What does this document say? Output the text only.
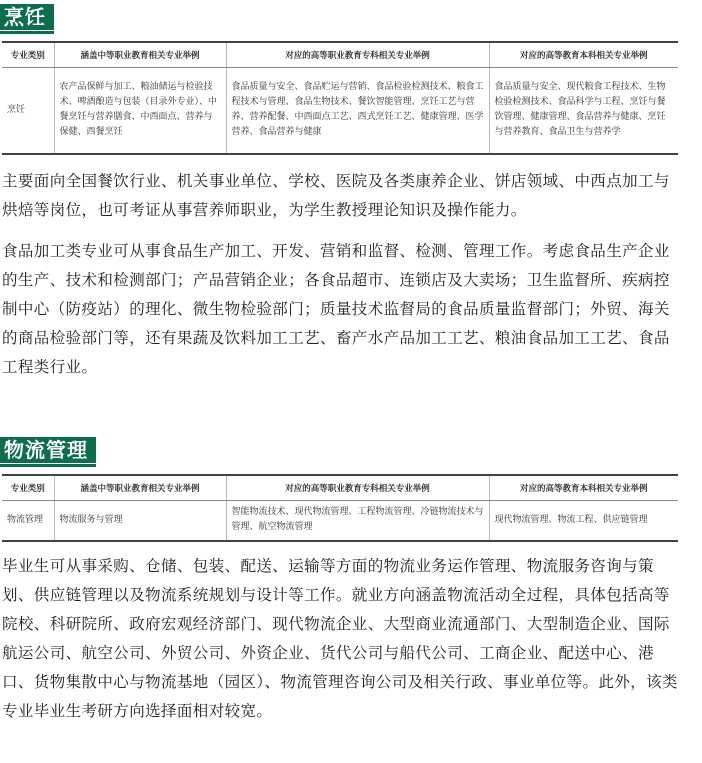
烹饪
专业类别	涵盖中等职业教育相关专业举例	对应的高等职业教育专科相关专业举例	对应的高等教育本科相关专业举例
烹饪	农产品保鲜与加工、粮油储运与检验技术、啤酒酿造与包装（目录外专业）、中餐烹饪与营养膳食、中西面点、营养与保健、西餐烹饪	食品质量与安全、食品贮运与营销、食品检验检测技术、粮食工程技术与管理、食品生物技术、餐饮智能管理、烹饪工艺与营养、营养配餐、中西面点工艺、西式烹饪工艺、健康管理、医学营养、食品营养与健康	食品质量与安全、现代粮食工程技术、生物检验检测技术、食品科学与工程、烹饪与餐饮管理、健康管理、食品营养与健康、烹饪与营养教育、食品卫生与营养学

主要面向全国餐饮行业、机关事业单位、学校、医院及各类康养企业、饼店领域、中西点加工与烘焙等岗位，也可考证从事营养师职业，为学生教授理论知识及操作能力。

食品加工类专业可从事食品生产加工、开发、营销和监督、检测、管理工作。考虑食品生产企业的生产、技术和检测部门；产品营销企业；各食品超市、连锁店及大卖场；卫生监督所、疾病控制中心（防疫站）的理化、微生物检验部门；质量技术监督局的食品质量监督部门；外贸、海关的商品检验部门等，还有果蔬及饮料加工工艺、畜产水产品加工工艺、粮油食品加工工艺、食品工程类行业。

物流管理
专业类别	涵盖中等职业教育相关专业举例	对应的高等职业教育专科相关专业举例	对应的高等教育本科相关专业举例
物流管理	物流服务与管理	智能物流技术、现代物流管理、工程物流管理、冷链物流技术与管理、航空物流管理	现代物流管理、物流工程、供应链管理

毕业生可从事采购、仓储、包装、配送、运输等方面的物流业务运作管理、物流服务咨询与策划、供应链管理以及物流系统规划与设计等工作。就业方向涵盖物流活动全过程，具体包括高等院校、科研院所、政府宏观经济部门、现代物流企业、大型商业流通部门、大型制造企业、国际航运公司、航空公司、外贸公司、外资企业、货代公司与船代公司、工商企业、配送中心、港口、货物集散中心与物流基地（园区）、物流管理咨询公司及相关行政、事业单位等。此外，该类专业毕业生考研方向选择面相对较宽。
